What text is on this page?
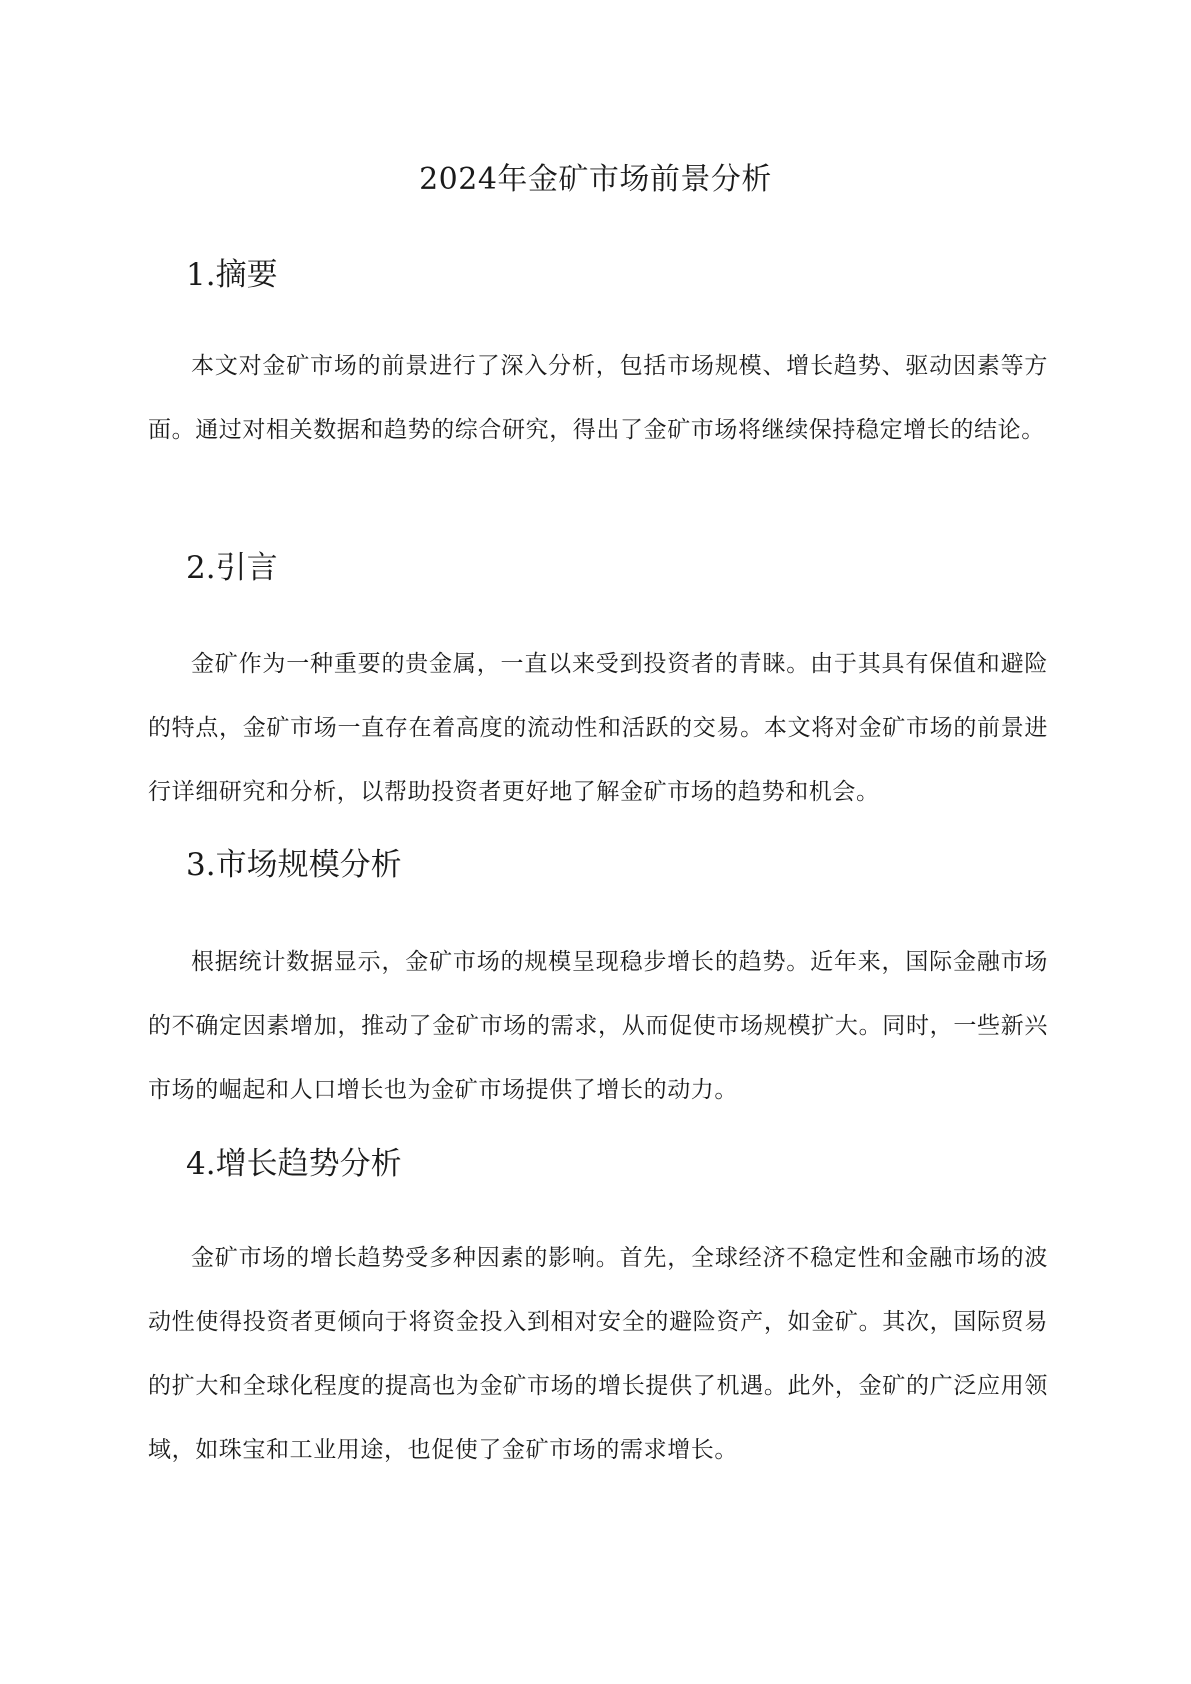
2024年金矿市场前景分析
1.摘要

本文对金矿市场的前景进行了深入分析，包括市场规模、增长趋势、驱动因素等方面。通过对相关数据和趋势的综合研究，得出了金矿市场将继续保持稳定增长的结论。

2.引言

金矿作为一种重要的贵金属，一直以来受到投资者的青睐。由于其具有保值和避险的特点，金矿市场一直存在着高度的流动性和活跃的交易。本文将对金矿市场的前景进行详细研究和分析，以帮助投资者更好地了解金矿市场的趋势和机会。

3.市场规模分析

根据统计数据显示，金矿市场的规模呈现稳步增长的趋势。近年来，国际金融市场的不确定因素增加，推动了金矿市场的需求，从而促使市场规模扩大。同时，一些新兴市场的崛起和人口增长也为金矿市场提供了增长的动力。

4.增长趋势分析

金矿市场的增长趋势受多种因素的影响。首先，全球经济不稳定性和金融市场的波动性使得投资者更倾向于将资金投入到相对安全的避险资产，如金矿。其次，国际贸易的扩大和全球化程度的提高也为金矿市场的增长提供了机遇。此外，金矿的广泛应用领域，如珠宝和工业用途，也促使了金矿市场的需求增长。
